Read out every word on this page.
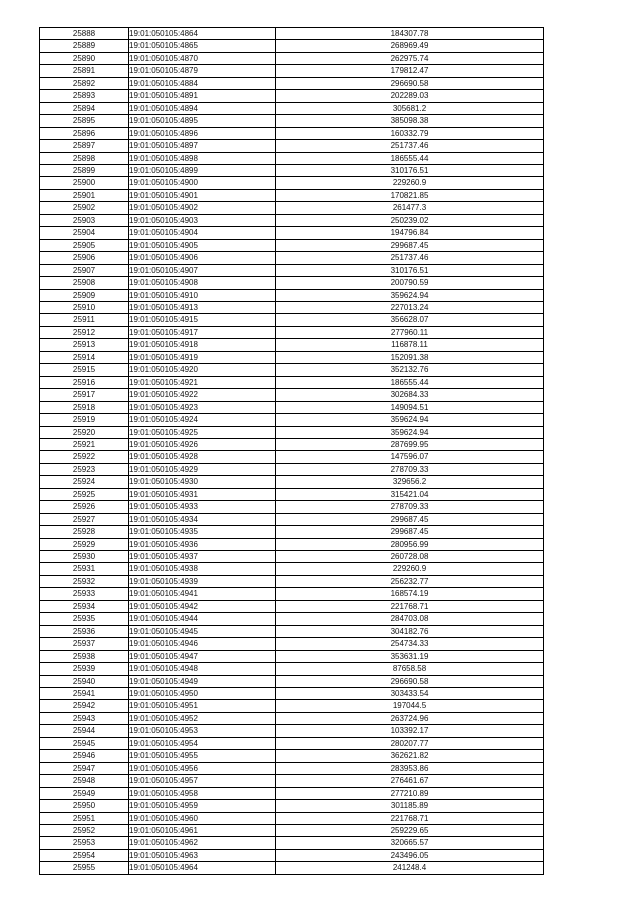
25888	19:01:050105:4864	184307.78
25889	19:01:050105:4865	268969.49
25890	19:01:050105:4870	262975.74
25891	19:01:050105:4879	179812.47
25892	19:01:050105:4884	296690.58
25893	19:01:050105:4891	202289.03
25894	19:01:050105:4894	305681.2
25895	19:01:050105:4895	385098.38
25896	19:01:050105:4896	160332.79
25897	19:01:050105:4897	251737.46
25898	19:01:050105:4898	186555.44
25899	19:01:050105:4899	310176.51
25900	19:01:050105:4900	229260.9
25901	19:01:050105:4901	170821.85
25902	19:01:050105:4902	261477.3
25903	19:01:050105:4903	250239.02
25904	19:01:050105:4904	194796.84
25905	19:01:050105:4905	299687.45
25906	19:01:050105:4906	251737.46
25907	19:01:050105:4907	310176.51
25908	19:01:050105:4908	200790.59
25909	19:01:050105:4910	359624.94
25910	19:01:050105:4913	227013.24
25911	19:01:050105:4915	356628.07
25912	19:01:050105:4917	277960.11
25913	19:01:050105:4918	116878.11
25914	19:01:050105:4919	152091.38
25915	19:01:050105:4920	352132.76
25916	19:01:050105:4921	186555.44
25917	19:01:050105:4922	302684.33
25918	19:01:050105:4923	149094.51
25919	19:01:050105:4924	359624.94
25920	19:01:050105:4925	359624.94
25921	19:01:050105:4926	287699.95
25922	19:01:050105:4928	147596.07
25923	19:01:050105:4929	278709.33
25924	19:01:050105:4930	329656.2
25925	19:01:050105:4931	315421.04
25926	19:01:050105:4933	278709.33
25927	19:01:050105:4934	299687.45
25928	19:01:050105:4935	299687.45
25929	19:01:050105:4936	280956.99
25930	19:01:050105:4937	260728.08
25931	19:01:050105:4938	229260.9
25932	19:01:050105:4939	256232.77
25933	19:01:050105:4941	168574.19
25934	19:01:050105:4942	221768.71
25935	19:01:050105:4944	284703.08
25936	19:01:050105:4945	304182.76
25937	19:01:050105:4946	254734.33
25938	19:01:050105:4947	353631.19
25939	19:01:050105:4948	87658.58
25940	19:01:050105:4949	296690.58
25941	19:01:050105:4950	303433.54
25942	19:01:050105:4951	197044.5
25943	19:01:050105:4952	263724.96
25944	19:01:050105:4953	103392.17
25945	19:01:050105:4954	280207.77
25946	19:01:050105:4955	362621.82
25947	19:01:050105:4956	283953.86
25948	19:01:050105:4957	276461.67
25949	19:01:050105:4958	277210.89
25950	19:01:050105:4959	301185.89
25951	19:01:050105:4960	221768.71
25952	19:01:050105:4961	259229.65
25953	19:01:050105:4962	320665.57
25954	19:01:050105:4963	243496.05
25955	19:01:050105:4964	241248.4
